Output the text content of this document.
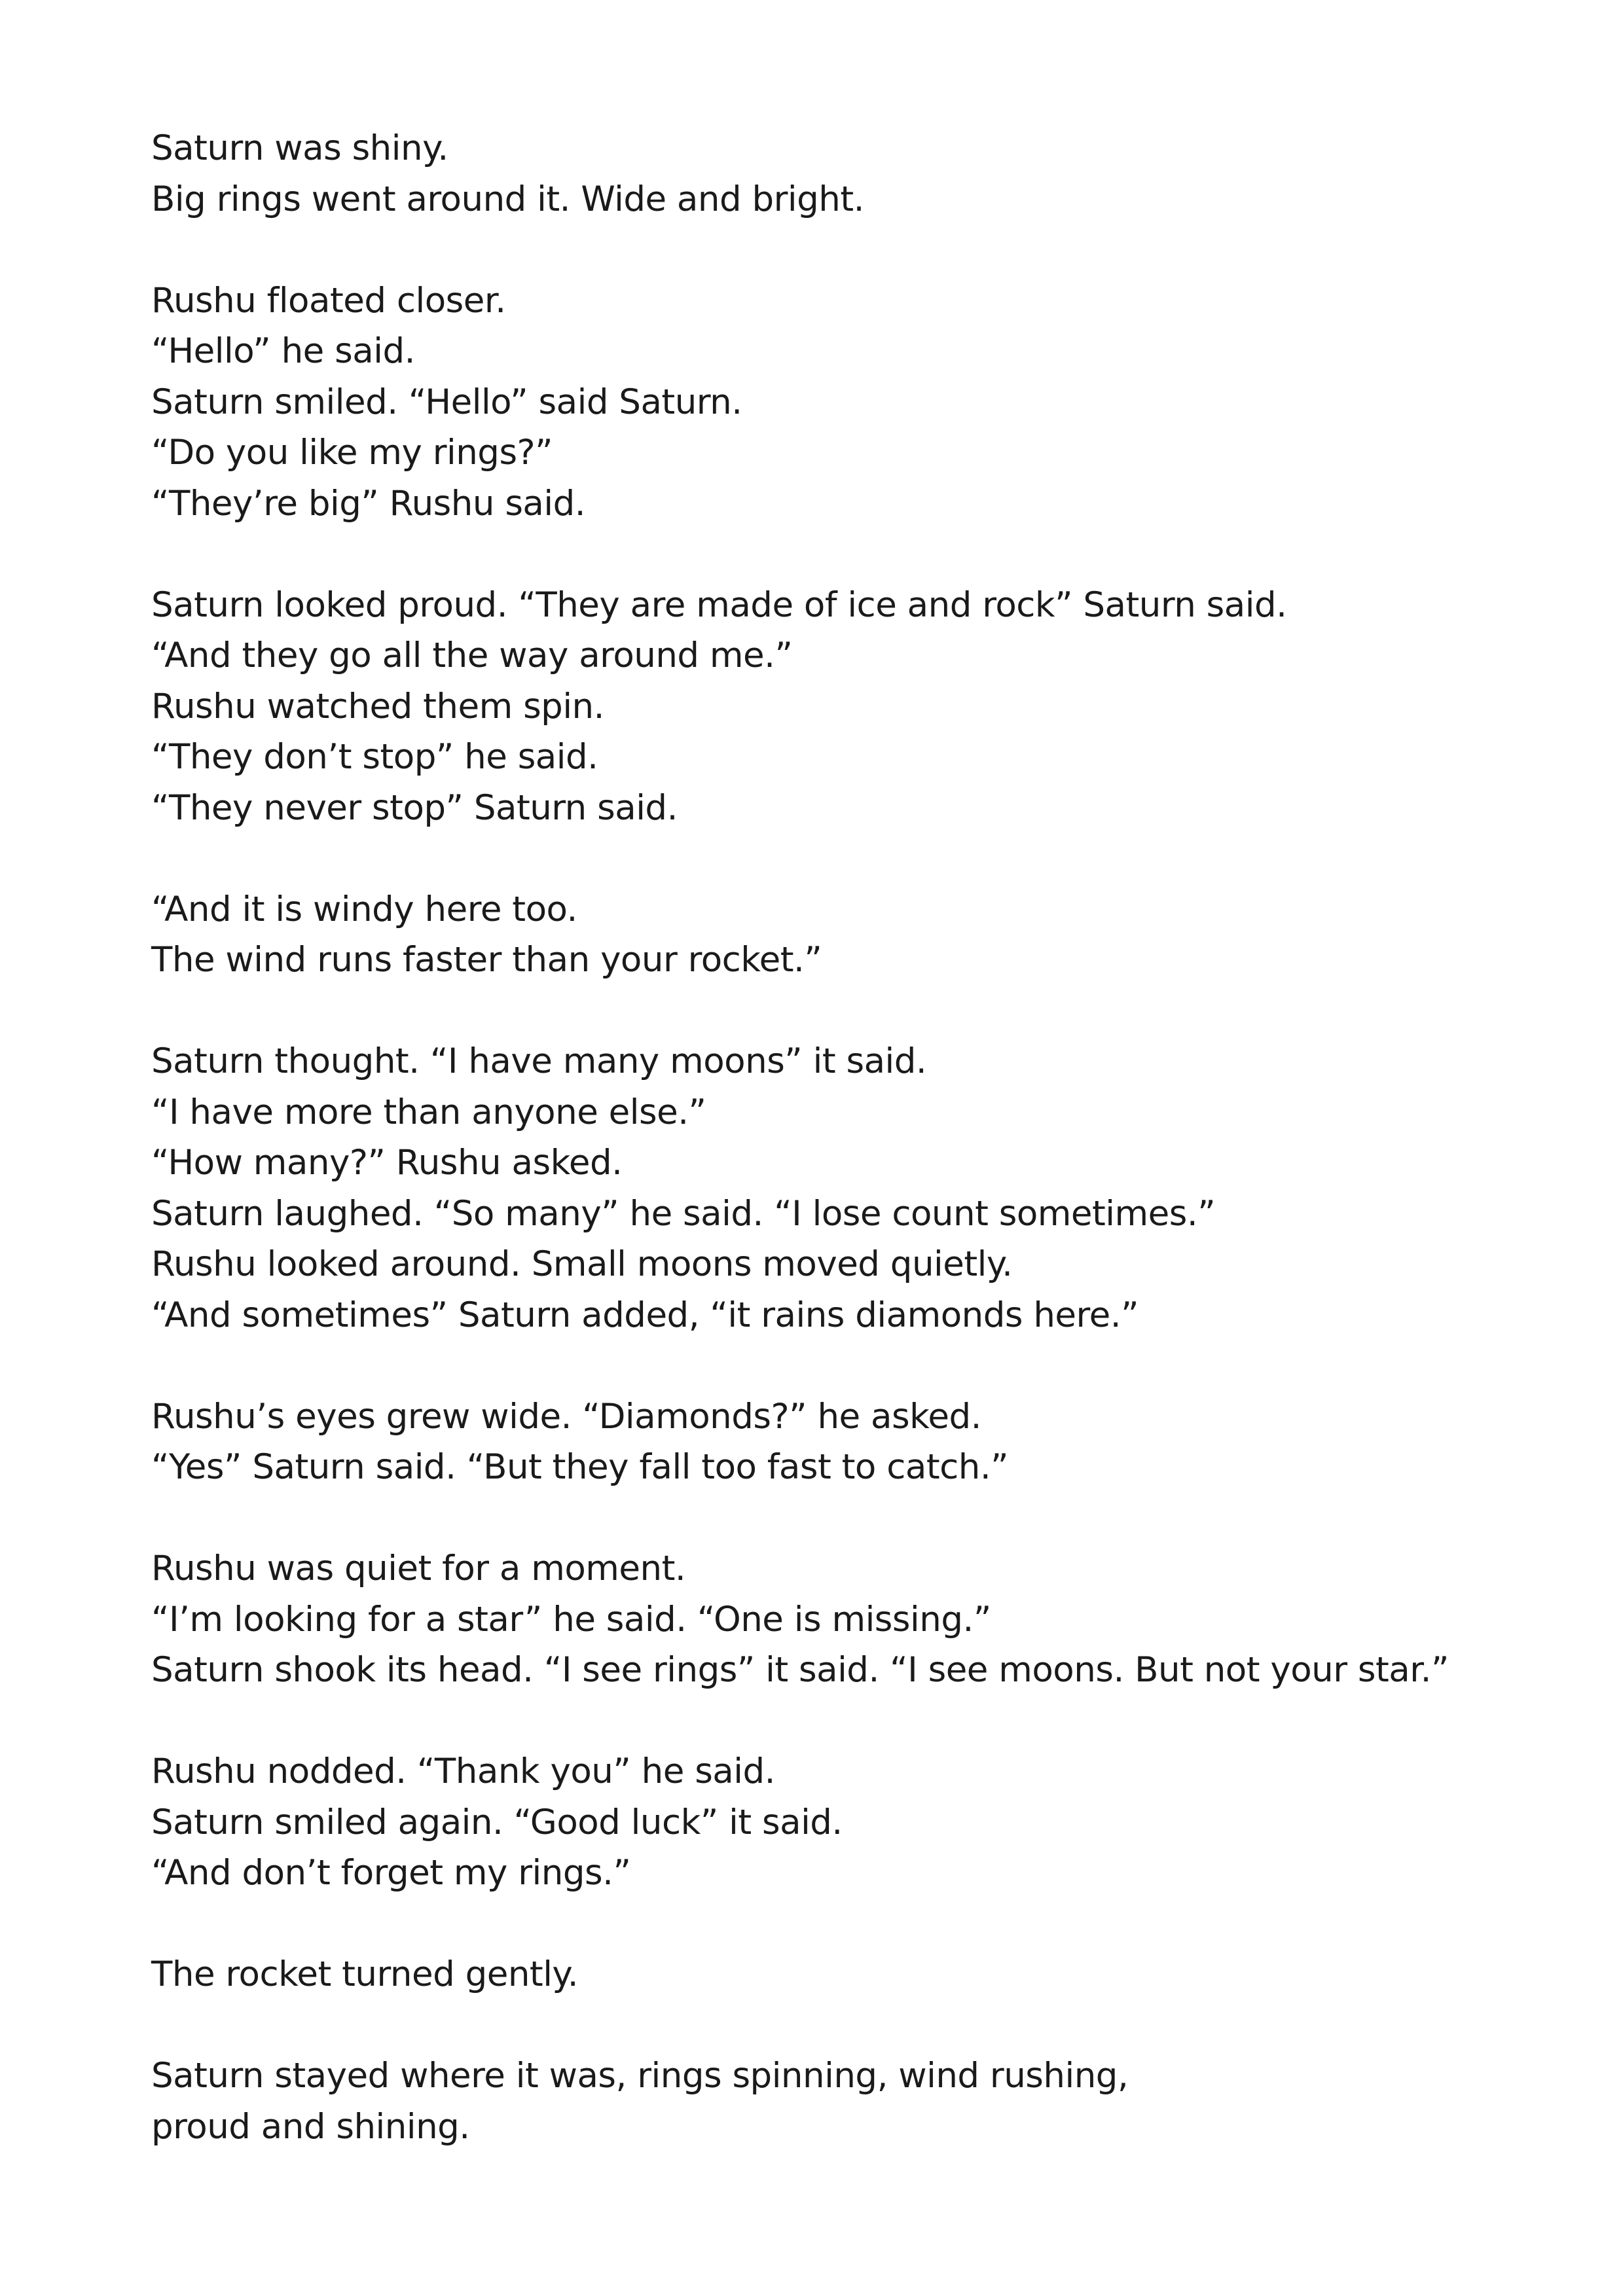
Saturn was shiny.
Big rings went around it. Wide and bright.
Rushu floated closer.
“Hello” he said.
Saturn smiled. “Hello” said Saturn.
“Do you like my rings?”
“They’re big” Rushu said.
Saturn looked proud. “They are made of ice and rock” Saturn said.
“And they go all the way around me.”
Rushu watched them spin.
“They don’t stop” he said.
“They never stop” Saturn said.
“And it is windy here too.
The wind runs faster than your rocket.”
Saturn thought. “I have many moons” it said.
“I have more than anyone else.”
“How many?” Rushu asked.
Saturn laughed. “So many” he said. “I lose count sometimes.”
Rushu looked around. Small moons moved quietly.
“And sometimes” Saturn added, “it rains diamonds here.”
Rushu’s eyes grew wide. “Diamonds?” he asked.
“Yes” Saturn said. “But they fall too fast to catch.”
Rushu was quiet for a moment.
“I’m looking for a star” he said. “One is missing.”
Saturn shook its head. “I see rings” it said. “I see moons. But not your star.”
Rushu nodded. “Thank you” he said.
Saturn smiled again. “Good luck” it said.
“And don’t forget my rings.”
The rocket turned gently.
Saturn stayed where it was, rings spinning, wind rushing,
proud and shining.
